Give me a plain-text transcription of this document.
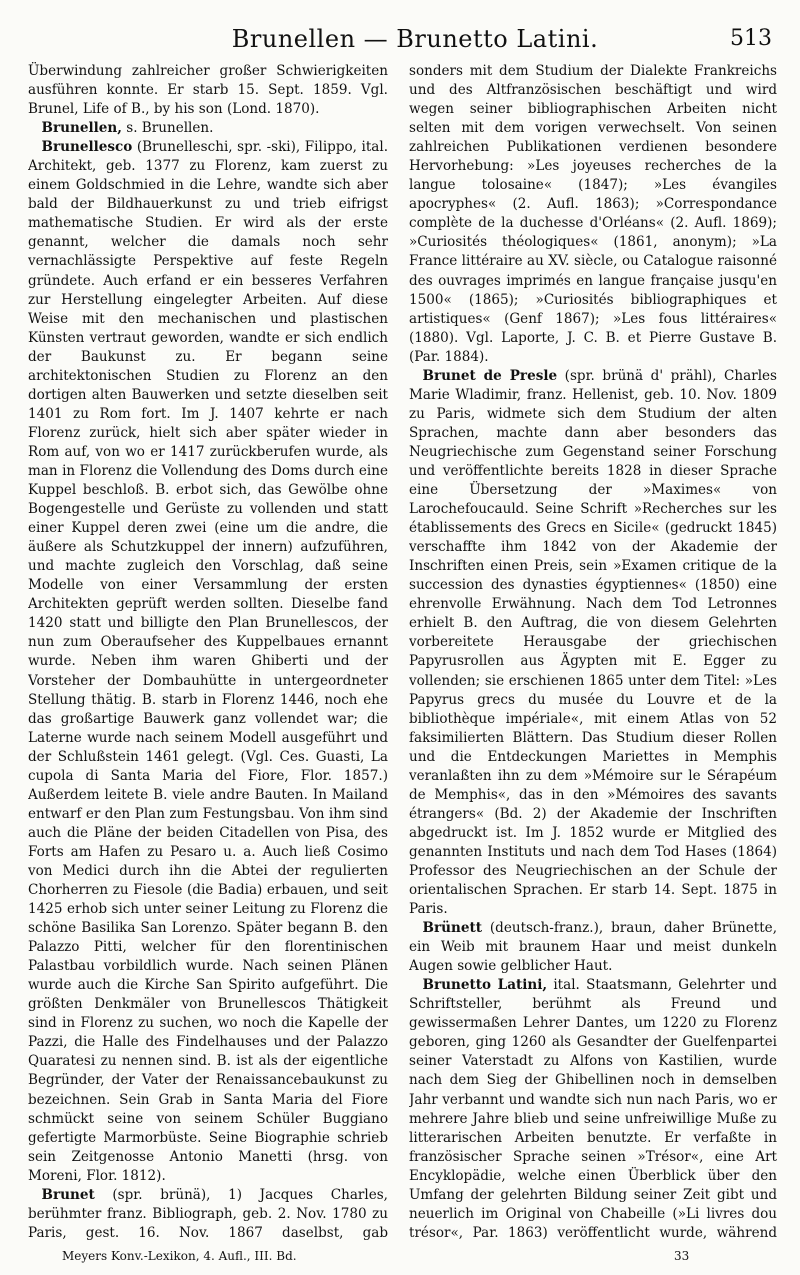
Brunellen — Brunetto Latini.	513

Überwindung zahlreicher großer Schwierigkeiten ausführen konnte. Er starb 15. Sept. 1859. Vgl. Brunel, Life of B., by his son (Lond. 1870).

Brunellen, s. Brunellen.

Brunellesco (Brunelleschi, spr. -ski), Filippo, ital. Architekt, geb. 1377 zu Florenz, kam zuerst zu einem Goldschmied in die Lehre, wandte sich aber bald der Bildhauerkunst zu und trieb eifrigst mathematische Studien. Er wird als der erste genannt, welcher die damals noch sehr vernachlässigte Perspektive auf feste Regeln gründete. Auch erfand er ein besseres Verfahren zur Herstellung eingelegter Arbeiten. Auf diese Weise mit den mechanischen und plastischen Künsten vertraut geworden, wandte er sich endlich der Baukunst zu. Er begann seine architektonischen Studien zu Florenz an den dortigen alten Bauwerken und setzte dieselben seit 1401 zu Rom fort. Im J. 1407 kehrte er nach Florenz zurück, hielt sich aber später wieder in Rom auf, von wo er 1417 zurückberufen wurde, als man in Florenz die Vollendung des Doms durch eine Kuppel beschloß. B. erbot sich, das Gewölbe ohne Bogengestelle und Gerüste zu vollenden und statt einer Kuppel deren zwei (eine um die andre, die äußere als Schutzkuppel der innern) aufzuführen, und machte zugleich den Vorschlag, daß seine Modelle von einer Versammlung der ersten Architekten geprüft werden sollten. Dieselbe fand 1420 statt und billigte den Plan Brunellescos, der nun zum Oberaufseher des Kuppelbaues ernannt wurde. Neben ihm waren Ghiberti und der Vorsteher der Dombauhütte in untergeordneter Stellung thätig. B. starb in Florenz 1446, noch ehe das großartige Bauwerk ganz vollendet war; die Laterne wurde nach seinem Modell ausgeführt und der Schlußstein 1461 gelegt. (Vgl. Ces. Guasti, La cupola di Santa Maria del Fiore, Flor. 1857.) Außerdem leitete B. viele andre Bauten. In Mailand entwarf er den Plan zum Festungsbau. Von ihm sind auch die Pläne der beiden Citadellen von Pisa, des Forts am Hafen zu Pesaro u. a. Auch ließ Cosimo von Medici durch ihn die Abtei der regulierten Chorherren zu Fiesole (die Badia) erbauen, und seit 1425 erhob sich unter seiner Leitung zu Florenz die schöne Basilika San Lorenzo. Später begann B. den Palazzo Pitti, welcher für den florentinischen Palastbau vorbildlich wurde. Nach seinen Plänen wurde auch die Kirche San Spirito aufgeführt. Die größten Denkmäler von Brunellescos Thätigkeit sind in Florenz zu suchen, wo noch die Kapelle der Pazzi, die Halle des Findelhauses und der Palazzo Quaratesi zu nennen sind. B. ist als der eigentliche Begründer, der Vater der Renaissancebaukunst zu bezeichnen. Sein Grab in Santa Maria del Fiore schmückt seine von seinem Schüler Buggiano gefertigte Marmorbüste. Seine Biographie schrieb sein Zeitgenosse Antonio Manetti (hrsg. von Moreni, Flor. 1812).

Brunet (spr. brünä), 1) Jacques Charles, berühmter franz. Bibliograph, geb. 2. Nov. 1780 zu Paris, gest. 16. Nov. 1867 daselbst, gab

sonders mit dem Studium der Dialekte Frankreichs und des Altfranzösischen beschäftigt und wird wegen seiner bibliographischen Arbeiten nicht selten mit dem vorigen verwechselt. Von seinen zahlreichen Publikationen verdienen besondere Hervorhebung: »Les joyeuses recherches de la langue tolosaine« (1847); »Les évangiles apocryphes« (2. Aufl. 1863); »Correspondance complète de la duchesse d'Orléans« (2. Aufl. 1869); »Curiosités théologiques« (1861, anonym); »La France littéraire au XV. siècle, ou Catalogue raisonné des ouvrages imprimés en langue française jusqu'en 1500« (1865); »Curiosités bibliographiques et artistiques« (Genf 1867); »Les fous littéraires« (1880). Vgl. Laporte, J. C. B. et Pierre Gustave B. (Par. 1884).

Brunet de Presle (spr. brünä d' prähl), Charles Marie Wladimir, franz. Hellenist, geb. 10. Nov. 1809 zu Paris, widmete sich dem Studium der alten Sprachen, machte dann aber besonders das Neugriechische zum Gegenstand seiner Forschung und veröffentlichte bereits 1828 in dieser Sprache eine Übersetzung der »Maximes« von Larochefoucauld. Seine Schrift »Recherches sur les établissements des Grecs en Sicile« (gedruckt 1845) verschaffte ihm 1842 von der Akademie der Inschriften einen Preis, sein »Examen critique de la succession des dynasties égyptiennes« (1850) eine ehrenvolle Erwähnung. Nach dem Tod Letronnes erhielt B. den Auftrag, die von diesem Gelehrten vorbereitete Herausgabe der griechischen Papyrusrollen aus Ägypten mit E. Egger zu vollenden; sie erschienen 1865 unter dem Titel: »Les Papyrus grecs du musée du Louvre et de la bibliothèque impériale«, mit einem Atlas von 52 faksimilierten Blättern. Das Studium dieser Rollen und die Entdeckungen Mariettes in Memphis veranlaßten ihn zu dem »Mémoire sur le Sérapéum de Memphis«, das in den »Mémoires des savants étrangers« (Bd. 2) der Akademie der Inschriften abgedruckt ist. Im J. 1852 wurde er Mitglied des genannten Instituts und nach dem Tod Hases (1864) Professor des Neugriechischen an der Schule der orientalischen Sprachen. Er starb 14. Sept. 1875 in Paris.

Brünett (deutsch-franz.), braun, daher Brünette, ein Weib mit braunem Haar und meist dunkeln Augen sowie gelblicher Haut.

Brunetto Latini, ital. Staatsmann, Gelehrter und Schriftsteller, berühmt als Freund und gewissermaßen Lehrer Dantes, um 1220 zu Florenz geboren, ging 1260 als Gesandter der Guelfenpartei seiner Vaterstadt zu Alfons von Kastilien, wurde nach dem Sieg der Ghibellinen noch in demselben Jahr verbannt und wandte sich nun nach Paris, wo er mehrere Jahre blieb und seine unfreiwillige Muße zu litterarischen Arbeiten benutzte. Er verfaßte in französischer Sprache seinen »Trésor«, eine Art Encyklopädie, welche einen Überblick über den Umfang der gelehrten Bildung seiner Zeit gibt und neuerlich im Original von Chabeille (»Li livres dou trésor«, Par. 1863) veröffentlicht wurde, während

Meyers Konv.-Lexikon, 4. Aufl., III. Bd.	33
